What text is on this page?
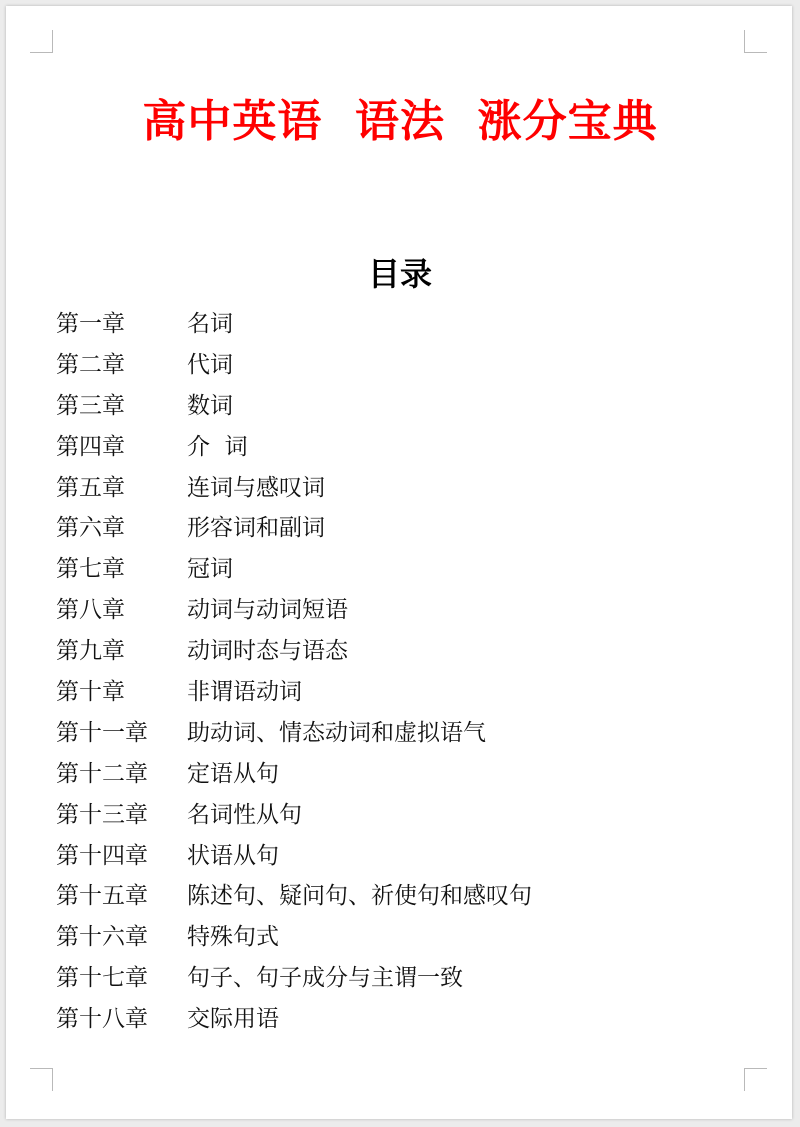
高中英语  语法  涨分宝典
目录
第一章	名词
第二章	代词
第三章	数词
第四章	介  词
第五章	连词与感叹词
第六章	形容词和副词
第七章	冠词
第八章	动词与动词短语
第九章	动词时态与语态
第十章	非谓语动词
第十一章 助动词、情态动词和虚拟语气
第十二章 定语从句
第十三章 名词性从句
第十四章 状语从句
第十五章 陈述句、疑问句、祈使句和感叹句
第十六章 特殊句式
第十七章 句子、句子成分与主谓一致
第十八章 交际用语
